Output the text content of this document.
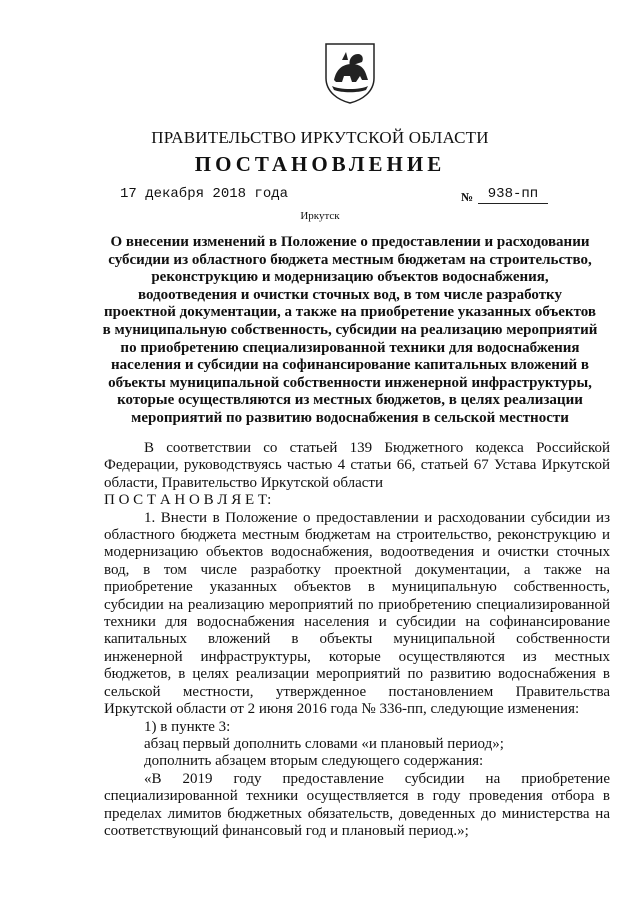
ПРАВИТЕЛЬСТВО ИРКУТСКОЙ ОБЛАСТИ
ПОСТАНОВЛЕНИЕ
17 декабря 2018 года	№	938-пп
Иркутск
О внесении изменений в Положение о предоставлении и расходовании
субсидии из областного бюджета местным бюджетам на строительство,
реконструкцию и модернизацию объектов водоснабжения,
водоотведения и очистки сточных вод, в том числе разработку
проектной документации, а также на приобретение указанных объектов
в муниципальную собственность, субсидии на реализацию мероприятий
по приобретению специализированной техники для водоснабжения
населения и субсидии на софинансирование капитальных вложений в
объекты муниципальной собственности инженерной инфраструктуры,
которые осуществляются из местных бюджетов, в целях реализации
мероприятий по развитию водоснабжения в сельской местности
В соответствии со статьей 139 Бюджетного кодекса Российской
Федерации, руководствуясь частью 4 статьи 66, статьей 67 Устава Иркутской
области, Правительство Иркутской области
П О С Т А Н О В Л Я Е Т:
1. Внести в Положение о предоставлении и расходовании субсидии из
областного бюджета местным бюджетам на строительство, реконструкцию и
модернизацию объектов водоснабжения, водоотведения и очистки сточных
вод, в том числе разработку проектной документации, а также на
приобретение указанных объектов в муниципальную собственность,
субсидии на реализацию мероприятий по приобретению специализированной
техники для водоснабжения населения и субсидии на софинансирование
капитальных вложений в объекты муниципальной собственности
инженерной инфраструктуры, которые осуществляются из местных
бюджетов, в целях реализации мероприятий по развитию водоснабжения в
сельской местности, утвержденное постановлением Правительства
Иркутской области от 2 июня 2016 года № 336-пп, следующие изменения:
1) в пункте 3:
абзац первый дополнить словами «и плановый период»;
дополнить абзацем вторым следующего содержания:
«В 2019 году предоставление субсидии на приобретение
специализированной техники осуществляется в году проведения отбора в
пределах лимитов бюджетных обязательств, доведенных до министерства на
соответствующий финансовый год и плановый период.»;
